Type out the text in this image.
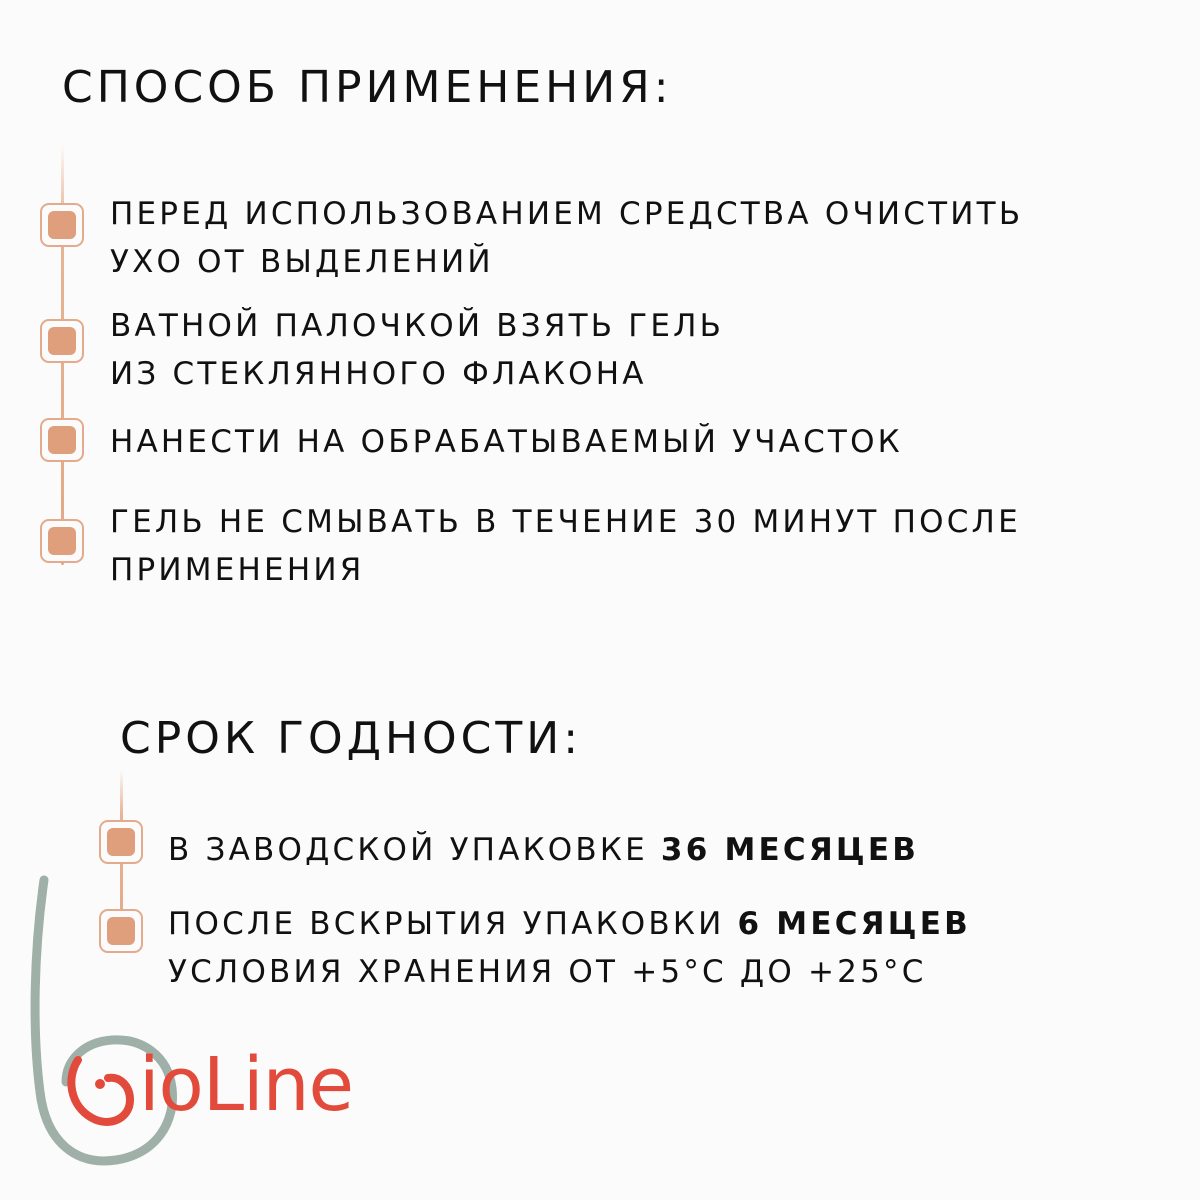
СПОСОБ ПРИМЕНЕНИЯ:
ПЕРЕД ИСПОЛЬЗОВАНИЕМ СРЕДСТВА ОЧИСТИТЬ
УХО ОТ ВЫДЕЛЕНИЙ
ВАТНОЙ ПАЛОЧКОЙ ВЗЯТЬ ГЕЛЬ
ИЗ СТЕКЛЯННОГО ФЛАКОНА
НАНЕСТИ НА ОБРАБАТЫВАЕМЫЙ УЧАСТОК
ГЕЛЬ НЕ СМЫВАТЬ В ТЕЧЕНИЕ 30 МИНУТ ПОСЛЕ
ПРИМЕНЕНИЯ
СРОК ГОДНОСТИ:
В ЗАВОДСКОЙ УПАКОВКЕ 36 МЕСЯЦЕВ
ПОСЛЕ ВСКРЫТИЯ УПАКОВКИ 6 МЕСЯЦЕВ
УСЛОВИЯ ХРАНЕНИЯ ОТ +5°С ДО +25°С
ioLine
